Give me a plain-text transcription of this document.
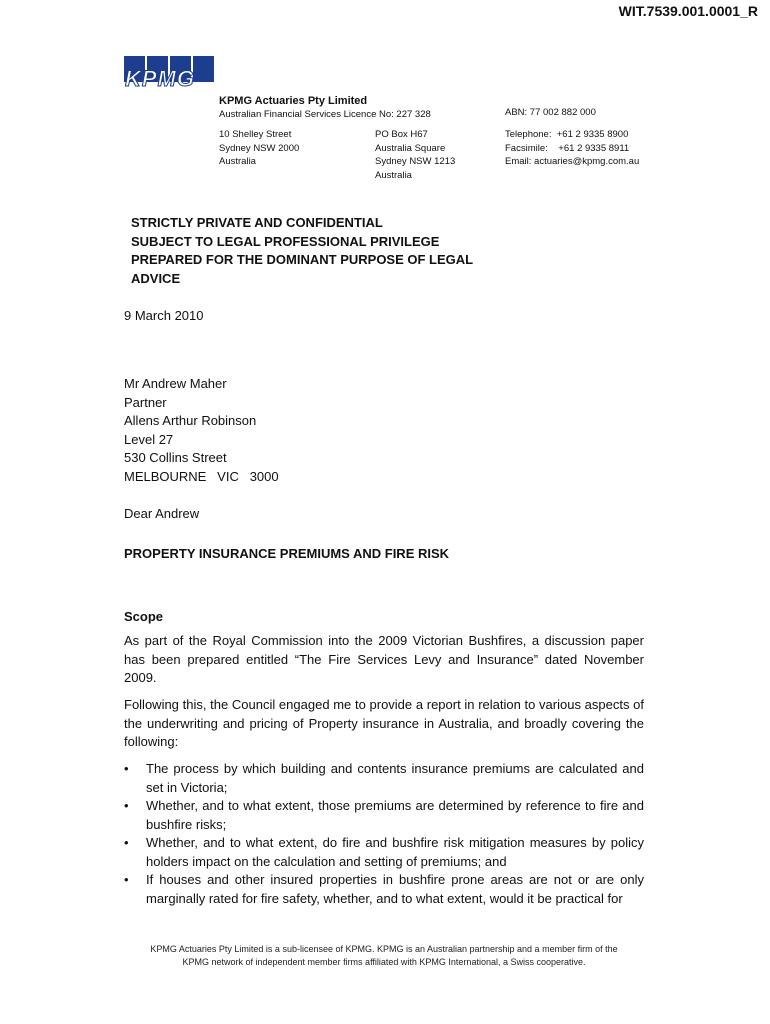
WIT.7539.001.0001_R
KPMG
KPMG Actuaries Pty Limited
Australian Financial Services Licence No: 227 328	ABN: 77 002 882 000
10 Shelley Street
Sydney NSW 2000
Australia
PO Box H67
Australia Square
Sydney NSW 1213
Australia
Telephone:  +61 2 9335 8900
Facsimile:    +61 2 9335 8911
Email: actuaries@kpmg.com.au
STRICTLY PRIVATE AND CONFIDENTIAL
SUBJECT TO LEGAL PROFESSIONAL PRIVILEGE
PREPARED FOR THE DOMINANT PURPOSE OF LEGAL
ADVICE
9 March 2010
Mr Andrew Maher
Partner
Allens Arthur Robinson
Level 27
530 Collins Street
MELBOURNE   VIC   3000
Dear Andrew
PROPERTY INSURANCE PREMIUMS AND FIRE RISK
Scope
As part of the Royal Commission into the 2009 Victorian Bushfires, a discussion paper has been prepared entitled “The Fire Services Levy and Insurance” dated November 2009.
Following this, the Council engaged me to provide a report in relation to various aspects of the underwriting and pricing of Property insurance in Australia, and broadly covering the following:
• The process by which building and contents insurance premiums are calculated and set in Victoria;
• Whether, and to what extent, those premiums are determined by reference to fire and bushfire risks;
• Whether, and to what extent, do fire and bushfire risk mitigation measures by policy holders impact on the calculation and setting of premiums; and
• If houses and other insured properties in bushfire prone areas are not or are only marginally rated for fire safety, whether, and to what extent, would it be practical for
KPMG Actuaries Pty Limited is a sub-licensee of KPMG. KPMG is an Australian partnership and a member firm of the
KPMG network of independent member firms affiliated with KPMG International, a Swiss cooperative.
